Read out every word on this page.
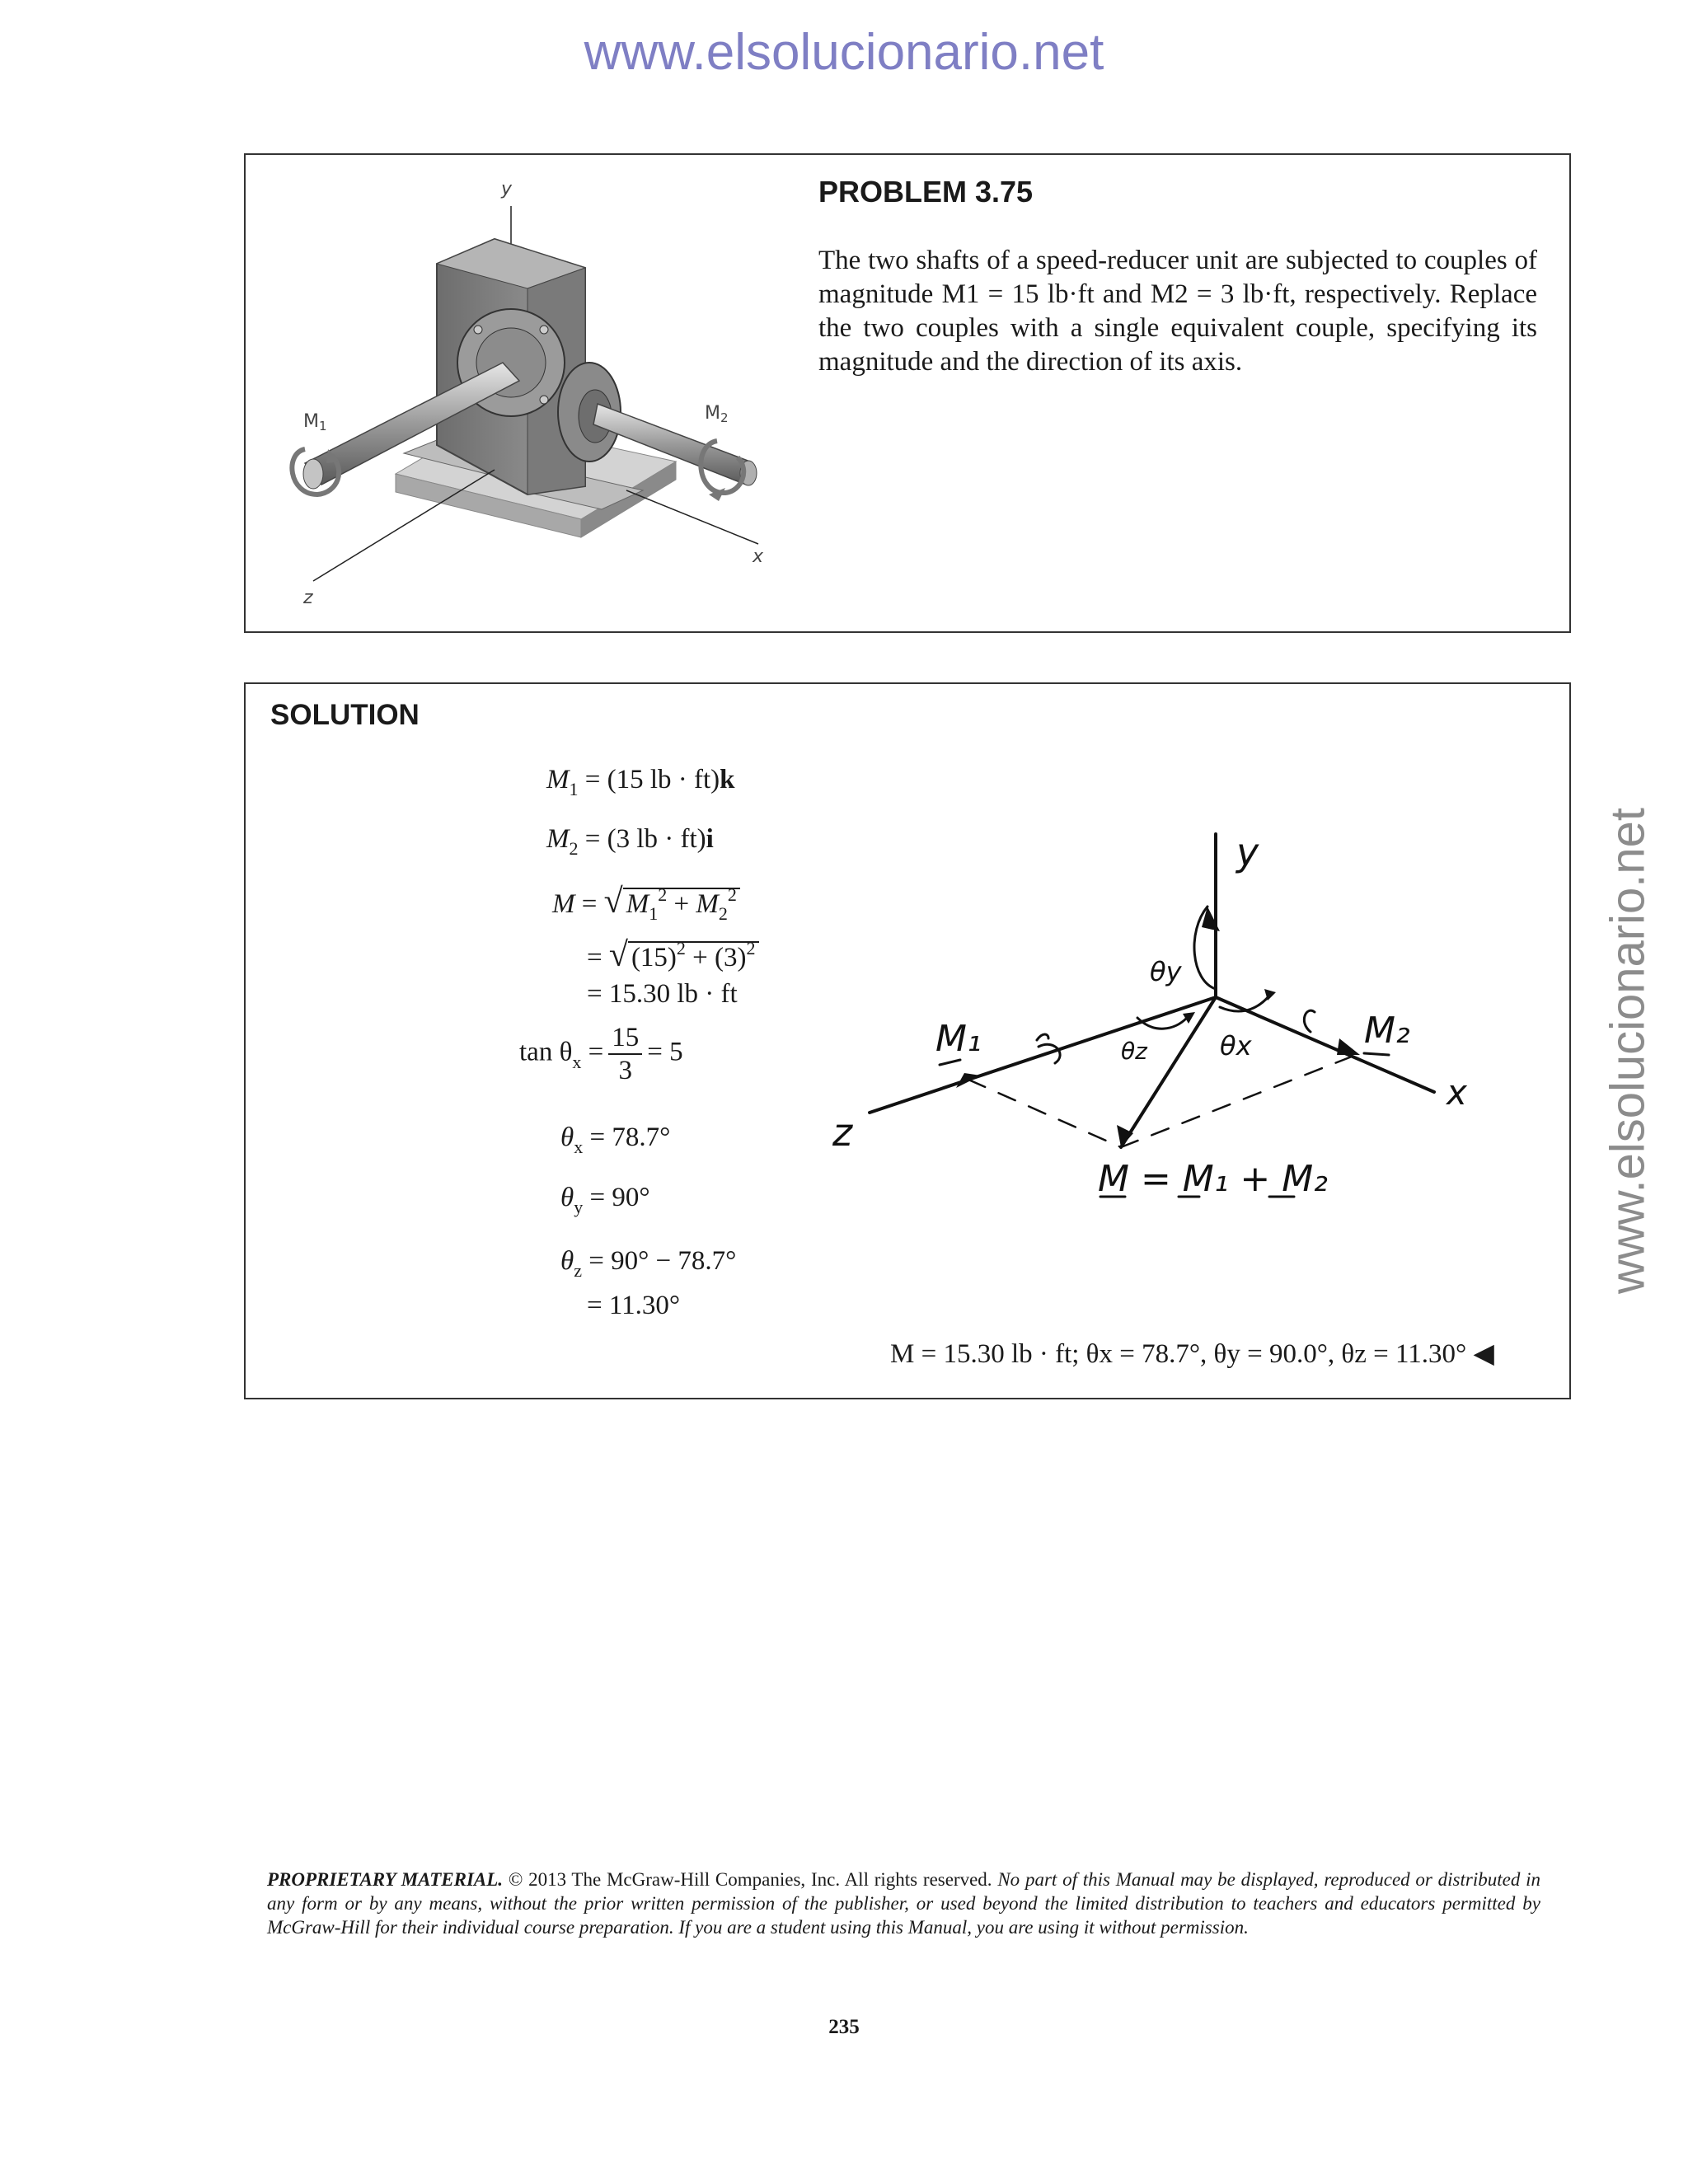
www.elsolucionario.net
www.elsolucionario.net
y
M1
M2
z
x
PROBLEM 3.75
The two shafts of a speed-reducer unit are subjected to couples of magnitude M1 = 15 lb·ft and M2 = 3 lb·ft, respectively. Replace the two couples with a single equivalent couple, specifying its magnitude and the direction of its axis.
SOLUTION
$M_1 = (15$ lb · ft)k
$M_2 = (3$ lb · ft)i
M = √ $M_1^2 + M_2^2$
= √ $(15)^2 + (3)^2$
= 15.30 lb · ft
$\tan \theta_x = \frac{15}{3} = 5$
$\theta_x = 78.7^\circ$
$\theta_y = 90^\circ$
$\theta_z = 90^\circ - 78.7^\circ$
= 11.30°
y
x
z
M₁	M₂
θy
θz	θx
M = M₁ + M₂
M = 15.30 lb · ft; θx = 78.7°, θy = 90.0°, θz = 11.30° ◀
PROPRIETARY MATERIAL. © 2013 The McGraw-Hill Companies, Inc. All rights reserved. No part of this Manual may be displayed, reproduced or distributed in any form or by any means, without the prior written permission of the publisher, or used beyond the limited distribution to teachers and educators permitted by McGraw-Hill for their individual course preparation. If you are a student using this Manual, you are using it without permission.
235
